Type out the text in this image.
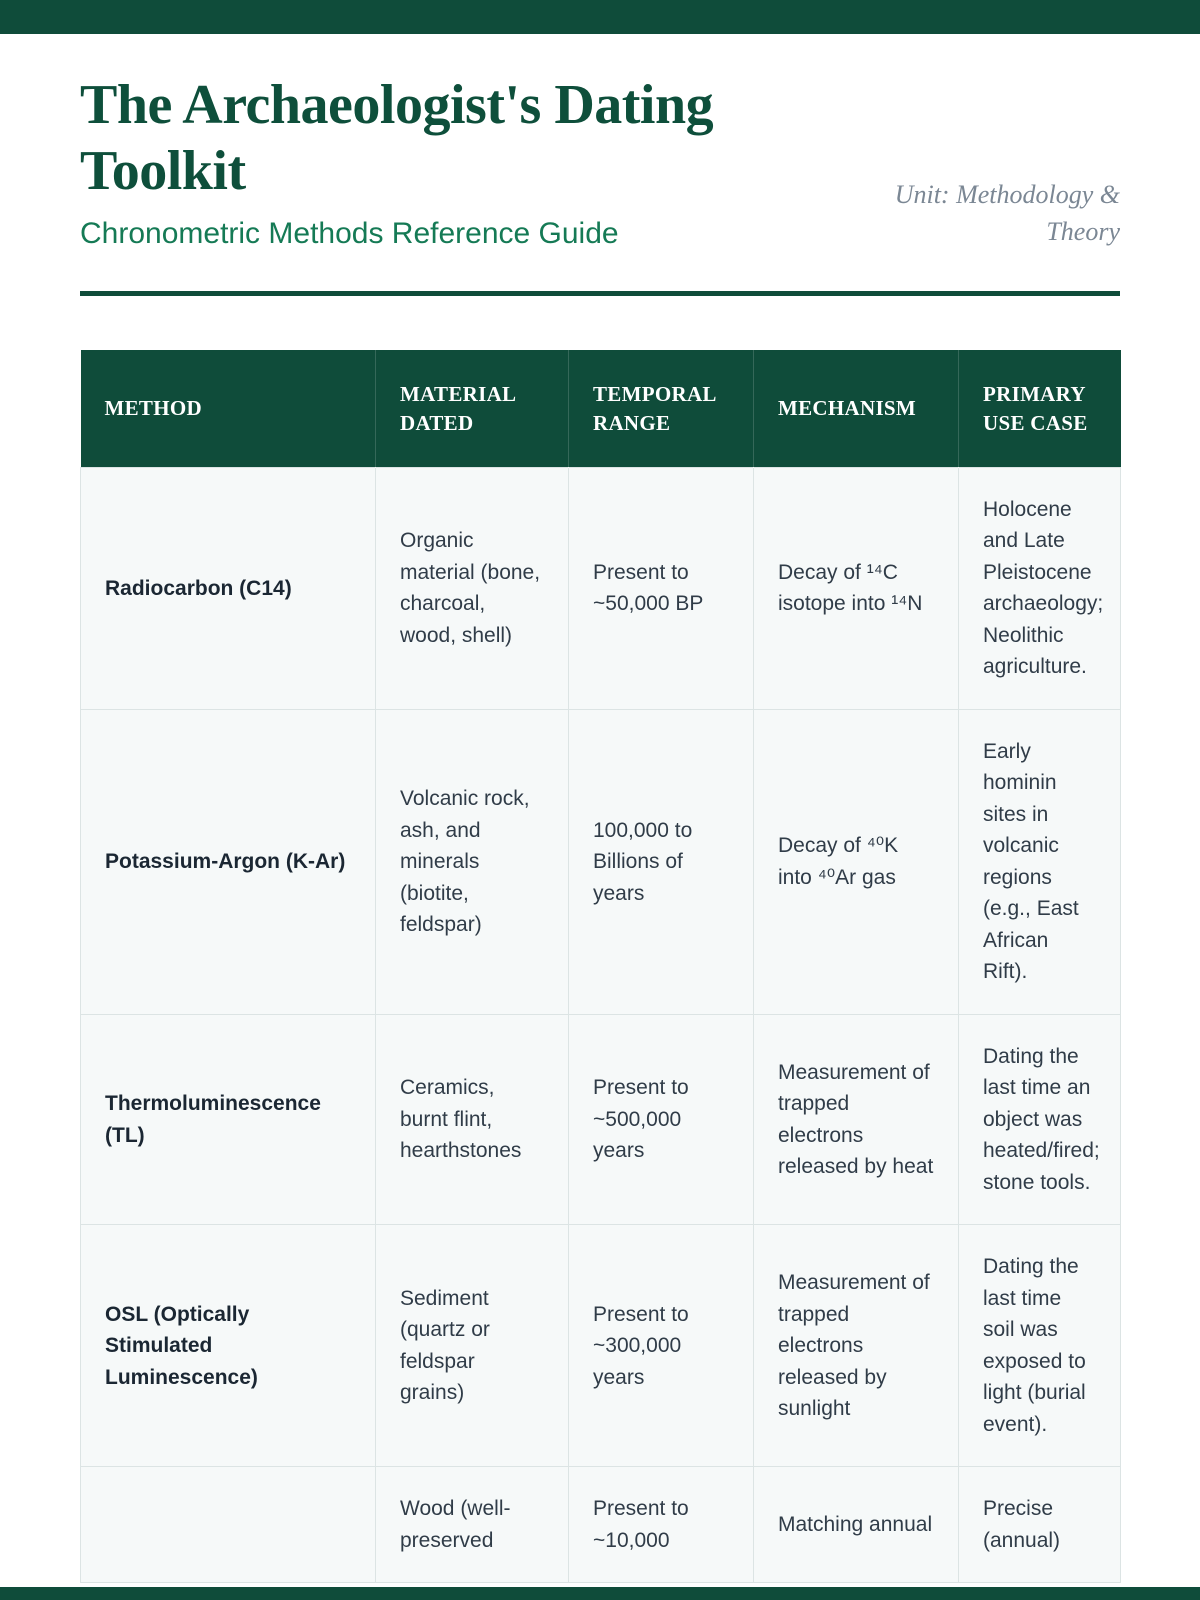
The Archaeologist's Dating Toolkit
Chronometric Methods Reference Guide
Unit: Methodology & Theory
METHOD	MATERIAL DATED	TEMPORAL RANGE	MECHANISM	PRIMARY USE CASE
Radiocarbon (C14)	Organic material (bone, charcoal, wood, shell)	Present to ~50,000 BP	Decay of ¹⁴C isotope into ¹⁴N	Holocene and Late Pleistocene archaeology; Neolithic agriculture.
Potassium-Argon (K-Ar)	Volcanic rock, ash, and minerals (biotite, feldspar)	100,000 to Billions of years	Decay of ⁴⁰K into ⁴⁰Ar gas	Early hominin sites in volcanic regions (e.g., East African Rift).
Thermoluminescence (TL)	Ceramics, burnt flint, hearthstones	Present to ~500,000 years	Measurement of trapped electrons released by heat	Dating the last time an object was heated/fired; stone tools.
OSL (Optically Stimulated Luminescence)	Sediment (quartz or feldspar grains)	Present to ~300,000 years	Measurement of trapped electrons released by sunlight	Dating the last time soil was exposed to light (burial event).
	Wood (well-preserved	Present to ~10,000	Matching annual	Precise (annual)
